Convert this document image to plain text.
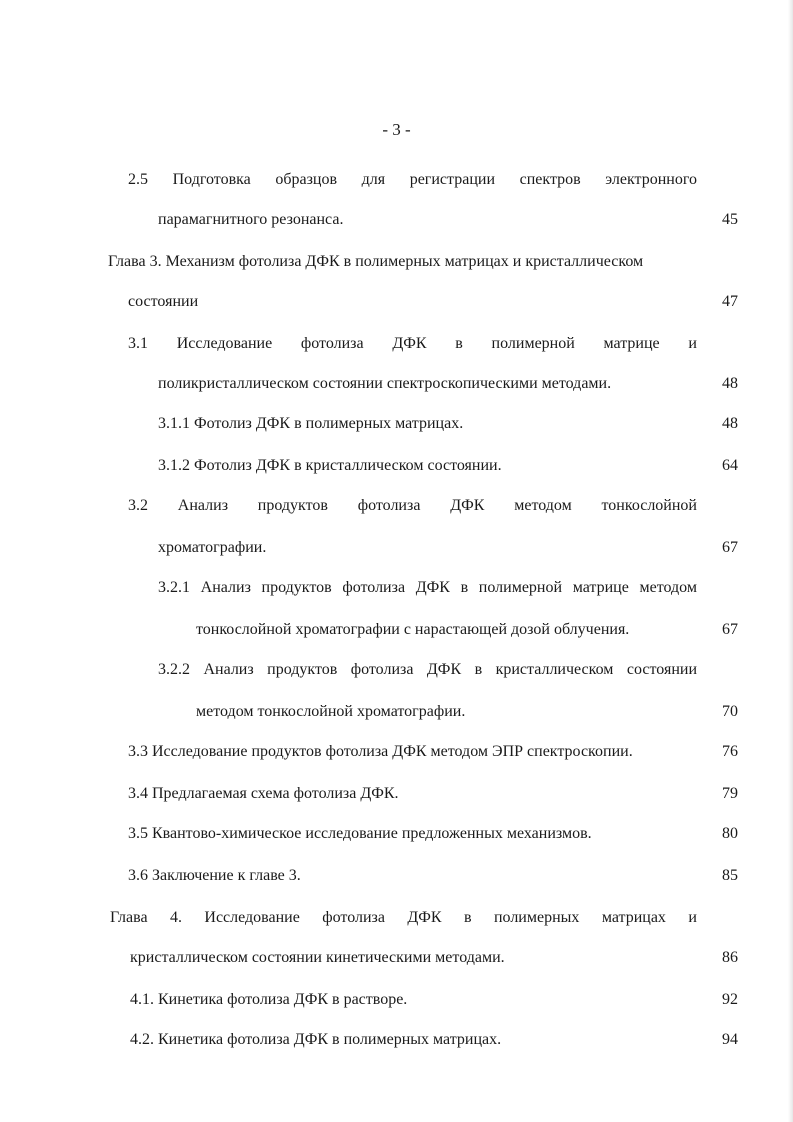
- 3 -
2.5 Подготовка образцов для регистрации спектров электронного
парамагнитного резонанса.	45
Глава 3. Механизм фотолиза ДФК в полимерных матрицах и кристаллическом
состоянии	47
3.1 Исследование фотолиза ДФК в полимерной матрице и
поликристаллическом состоянии спектроскопическими методами.	48
3.1.1 Фотолиз ДФК в полимерных матрицах.	48
3.1.2 Фотолиз ДФК в кристаллическом состоянии.	64
3.2 Анализ продуктов фотолиза ДФК методом тонкослойной
хроматографии.	67
3.2.1 Анализ продуктов фотолиза ДФК в полимерной матрице методом
тонкослойной хроматографии с нарастающей дозой облучения.	67
3.2.2 Анализ продуктов фотолиза ДФК в кристаллическом состоянии
методом тонкослойной хроматографии.	70
3.3 Исследование продуктов фотолиза ДФК методом ЭПР спектроскопии.	76
3.4 Предлагаемая схема фотолиза ДФК.	79
3.5 Квантово-химическое исследование предложенных механизмов.	80
3.6 Заключение к главе 3.	85
Глава 4. Исследование фотолиза ДФК в полимерных матрицах и
кристаллическом состоянии кинетическими методами.	86
4.1. Кинетика фотолиза ДФК в растворе.	92
4.2. Кинетика фотолиза ДФК в полимерных матрицах.	94
